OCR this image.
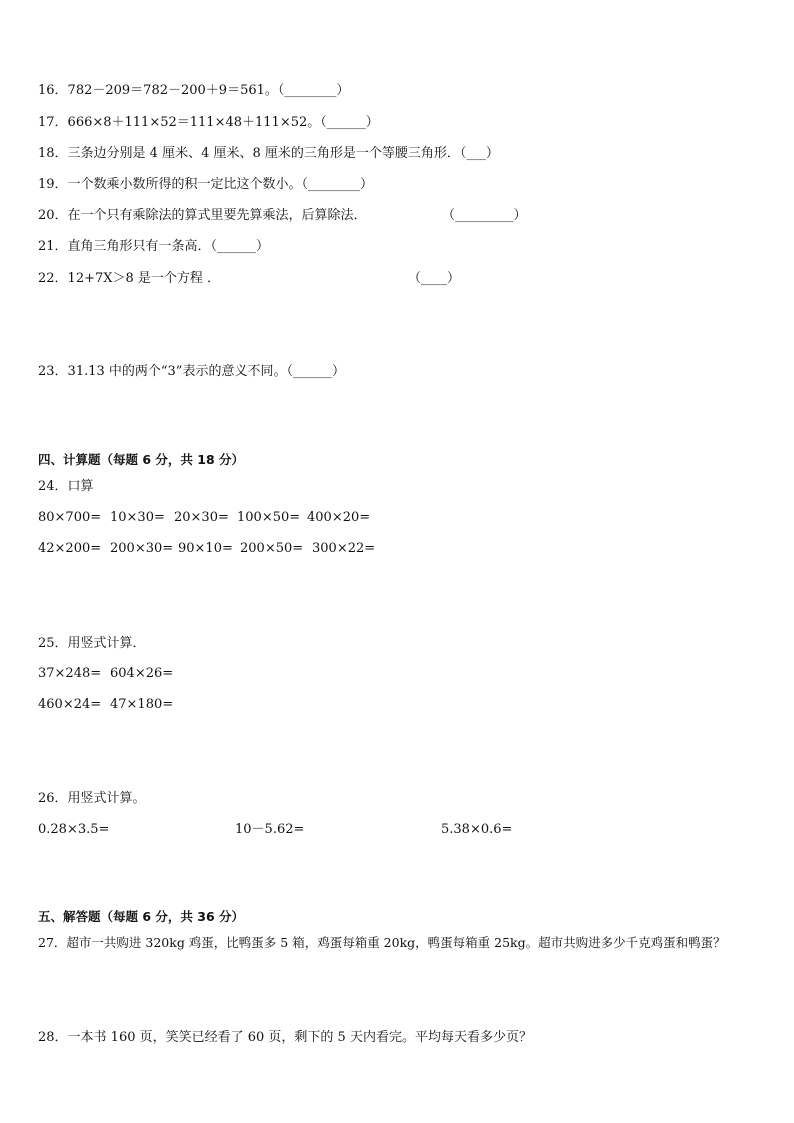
16．782－209＝782－200＋9＝561。（________）
17．666×8＋111×52＝111×48＋111×52。（______）
18．三条边分别是 4 厘米、4 厘米、8 厘米的三角形是一个等腰三角形．（___）
19．一个数乘小数所得的积一定比这个数小。（________）
20．在一个只有乘除法的算式里要先算乘法，后算除法．	（_________）
21．直角三角形只有一条高．（______）
22．12+7X＞8 是一个方程 ．	（____）
23．31.13 中的两个“3”表示的意义不同。（______）
四、计算题（每题 6 分，共 18 分）
24．口算
80×700= 10×30= 20×30= 100×50= 400×20=
42×200= 200×30= 90×10= 200×50= 300×22=
25．用竖式计算．
37×248= 604×26=
460×24= 47×180=
26．用竖式计算。
0.28×3.5=	10－5.62=	5.38×0.6=
五、解答题（每题 6 分，共 36 分）
27．超市一共购进 320kg 鸡蛋，比鸭蛋多 5 箱，鸡蛋每箱重 20kg，鸭蛋每箱重 25kg。超市共购进多少千克鸡蛋和鸭蛋？
28．一本书 160 页，笑笑已经看了 60 页，剩下的 5 天内看完。平均每天看多少页？
